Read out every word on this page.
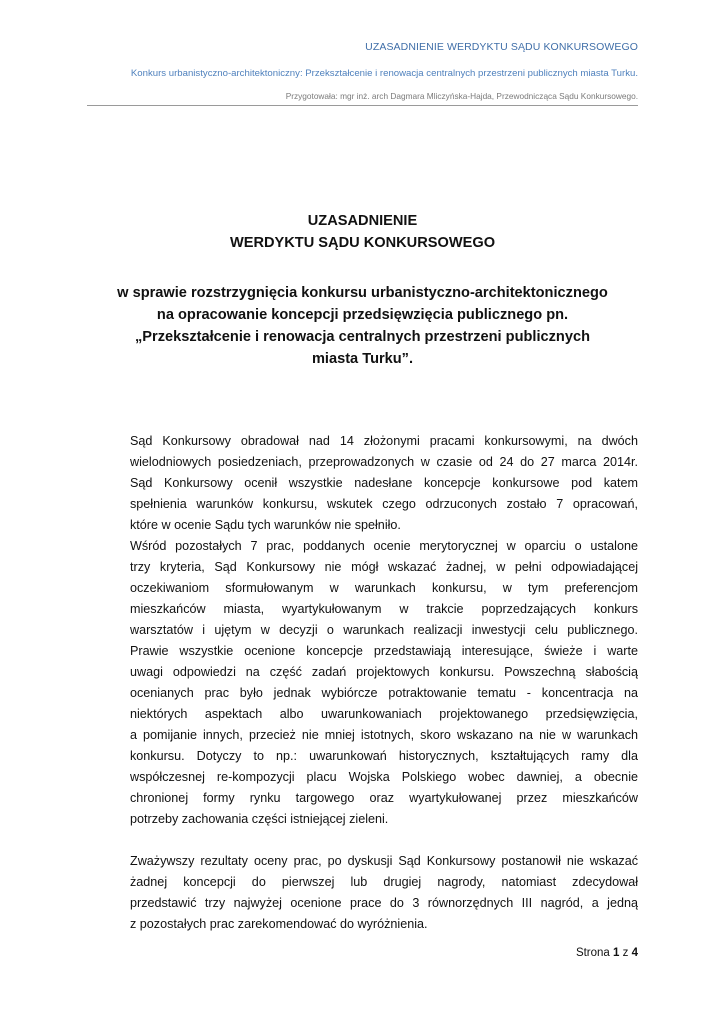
UZASADNIENIE WERDYKTU SĄDU KONKURSOWEGO
Konkurs urbanistyczno-architektoniczny: Przekształcenie i renowacja centralnych przestrzeni publicznych miasta Turku.
Przygotowała: mgr inż. arch Dagmara Mliczyńska-Hajda, Przewodnicząca Sądu Konkursowego.
UZASADNIENIE
WERDYKTU SĄDU KONKURSOWEGO
w sprawie rozstrzygnięcia konkursu urbanistyczno-architektonicznego
na opracowanie koncepcji przedsięwzięcia publicznego pn.
„Przekształcenie i renowacja centralnych przestrzeni publicznych
miasta Turku”.
Sąd Konkursowy obradował nad 14 złożonymi pracami konkursowymi, na dwóch
wielodniowych posiedzeniach, przeprowadzonych w czasie od 24 do 27 marca 2014r.
Sąd Konkursowy ocenił wszystkie nadesłane koncepcje konkursowe pod katem
spełnienia warunków konkursu, wskutek czego odrzuconych zostało 7 opracowań,
które w ocenie Sądu tych warunków nie spełniło.
Wśród pozostałych 7 prac, poddanych ocenie merytorycznej w oparciu o ustalone
trzy kryteria, Sąd Konkursowy nie mógł wskazać żadnej, w pełni odpowiadającej
oczekiwaniom sformułowanym w warunkach konkursu, w tym preferencjom
mieszkańców miasta, wyartykułowanym w trakcie poprzedzających konkurs
warsztatów i ujętym w decyzji o warunkach realizacji inwestycji celu publicznego.
Prawie wszystkie ocenione koncepcje przedstawiają interesujące, świeże i warte
uwagi odpowiedzi na część zadań projektowych konkursu. Powszechną słabością
ocenianych prac było jednak wybiórcze potraktowanie tematu - koncentracja na
niektórych aspektach albo uwarunkowaniach projektowanego przedsięwzięcia,
a pomijanie innych, przecież nie mniej istotnych, skoro wskazano na nie w warunkach
konkursu. Dotyczy to np.: uwarunkowań historycznych, kształtujących ramy dla
współczesnej re-kompozycji placu Wojska Polskiego wobec dawniej, a obecnie
chronionej formy rynku targowego oraz wyartykułowanej przez mieszkańców
potrzeby zachowania części istniejącej zieleni.
Zważywszy rezultaty oceny prac, po dyskusji Sąd Konkursowy postanowił nie wskazać
żadnej koncepcji do pierwszej lub drugiej nagrody, natomiast zdecydował
przedstawić trzy najwyżej ocenione prace do 3 równorzędnych III nagród, a jedną
z pozostałych prac zarekomendować do wyróżnienia.
Strona 1 z 4
